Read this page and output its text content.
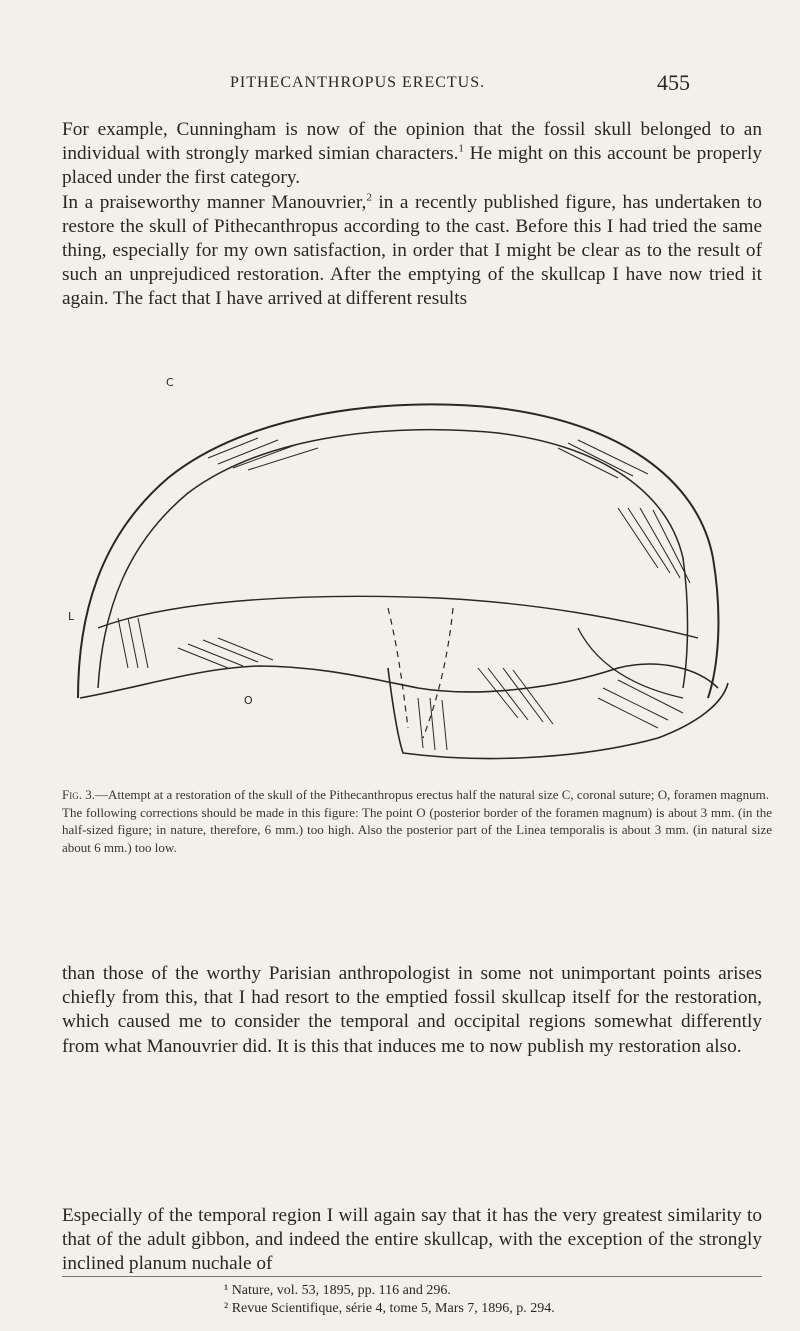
PITHECANTHROPUS ERECTUS.	455

For example, Cunningham is now of the opinion that the fossil skull belonged to an individual with strongly marked simian characters.$^1$ He might on this account be properly placed under the first category.
In a praiseworthy manner Manouvrier,$^2$ in a recently published figure, has undertaken to restore the skull of Pithecanthropus according to the cast. Before this I had tried the same thing, especially for my own satisfaction, in order that I might be clear as to the result of such an unprejudiced restoration. After the emptying of the skullcap I have now tried it again. The fact that I have arrived at different results

C
L
O

Fig. 3.—Attempt at a restoration of the skull of the Pithecanthropus erectus half the natural size C, coronal suture; O, foramen magnum.

The following corrections should be made in this figure: The point O (posterior border of the foramen magnum) is about 3 mm. (in the half-sized figure; in nature, therefore, 6 mm.) too high. Also the posterior part of the Linea temporalis is about 3 mm. (in natural size about 6 mm.) too low.

than those of the worthy Parisian anthropologist in some not unimportant points arises chiefly from this, that I had resort to the emptied fossil skullcap itself for the restoration, which caused me to consider the temporal and occipital regions somewhat differently from what Manouvrier did. It is this that induces me to now publish my restoration also.

Especially of the temporal region I will again say that it has the very greatest similarity to that of the adult gibbon, and indeed the entire skullcap, with the exception of the strongly inclined planum nuchale of

¹ Nature, vol. 53, 1895, pp. 116 and 296.
² Revue Scientifique, série 4, tome 5, Mars 7, 1896, p. 294.
